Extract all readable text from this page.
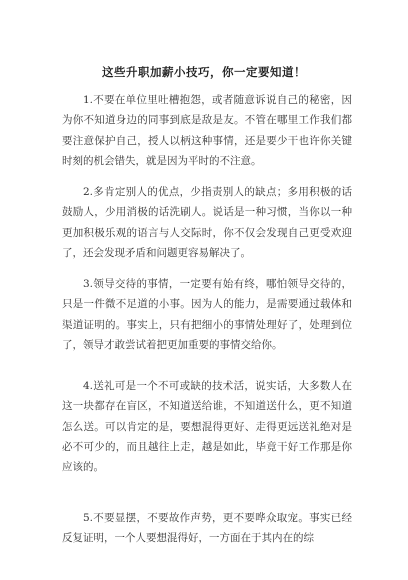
这些升职加薪小技巧，你一定要知道！

1.不要在单位里吐槽抱怨，或者随意诉说自己的秘密，因为你不知道身边的同事到底是敌是友。不管在哪里工作我们都要注意保护自己，授人以柄这种事情，还是要少干也许你关键时刻的机会错失，就是因为平时的不注意。

2.多肯定别人的优点，少指责别人的缺点；多用积极的话鼓励人，少用消极的话洗刷人。说话是一种习惯，当你以一种更加积极乐观的语言与人交际时，你不仅会发现自己更受欢迎了，还会发现矛盾和问题更容易解决了。

3.领导交待的事情，一定要有始有终，哪怕领导交待的，只是一件微不足道的小事。因为人的能力，是需要通过载体和渠道证明的。事实上，只有把细小的事情处理好了，处理到位了，领导才敢尝试着把更加重要的事情交给你。

4.送礼可是一个不可或缺的技术活，说实话，大多数人在这一块都存在盲区，不知道送给谁，不知道送什么，更不知道怎么送。可以肯定的是，要想混得更好、走得更远送礼绝对是必不可少的，而且越往上走，越是如此，毕竟干好工作那是你应该的。

5.不要显摆，不要故作声势，更不要哗众取宠。事实已经反复证明，一个人要想混得好，一方面在于其内在的综
